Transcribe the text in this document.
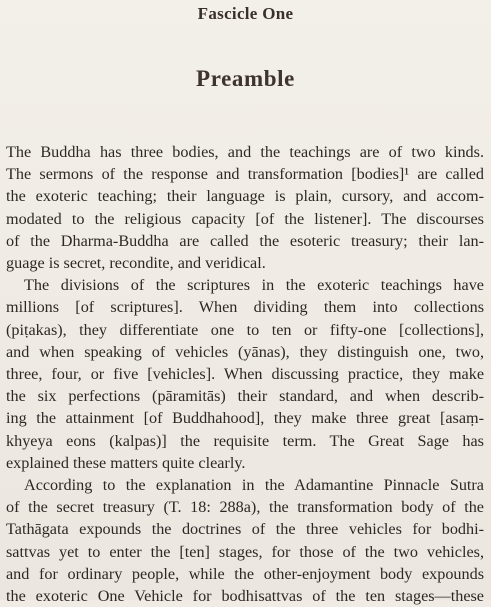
Fascicle One
Preamble
The Buddha has three bodies, and the teachings are of two kinds.
The sermons of the response and transformation [bodies]¹ are called
the exoteric teaching; their language is plain, cursory, and accom-
modated to the religious capacity [of the listener]. The discourses
of the Dharma-Buddha are called the esoteric treasury; their lan-
guage is secret, recondite, and veridical.
The divisions of the scriptures in the exoteric teachings have
millions [of scriptures]. When dividing them into collections
(piṭakas), they differentiate one to ten or fifty-one [collections],
and when speaking of vehicles (yānas), they distinguish one, two,
three, four, or five [vehicles]. When discussing practice, they make
the six perfections (pāramitās) their standard, and when describ-
ing the attainment [of Buddhahood], they make three great [asaṃ-
khyeya eons (kalpas)] the requisite term. The Great Sage has
explained these matters quite clearly.
According to the explanation in the Adamantine Pinnacle Sutra
of the secret treasury (T. 18: 288a), the transformation body of the
Tathāgata expounds the doctrines of the three vehicles for bodhi-
sattvas yet to enter the [ten] stages, for those of the two vehicles,
and for ordinary people, while the other-enjoyment body expounds
the exoteric One Vehicle for bodhisattvas of the ten stages—these
